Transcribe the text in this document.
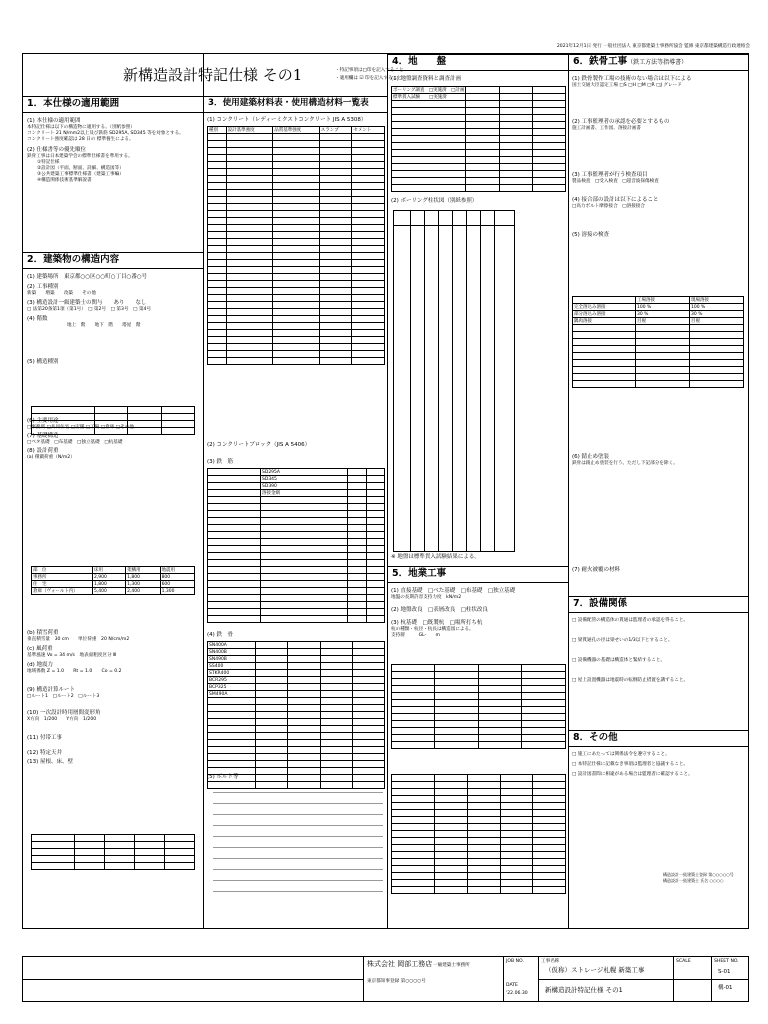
2021年12月1日 発行 一般社団法人 東京都建築士事務所協会 監修 東京都建築構造行政連絡会
新構造設計特記仕様 その1	・特記事項は□印を記入すること
・適用欄は ☑ 印を記入すること
1．本仕様の適用範囲
(1) 本仕様の適用範囲
本特記仕様は以下の構造物に適用する。（別紙参照）
コンクリート 21 N/mm2以上及び鉄筋 SD295A, SD345 等を対象とする。
コンクリート強度確認は 28 日の 標準養生による。
(2) 仕様書等の優先順位
鉄骨工事は日本建築学会の標準仕様書を準用する。
①特記仕様
②設計図（平面、断面、詳細、構造図等）
③公共建築工事標準仕様書（建築工事編）
④構造関係技術基準解説書
2．建築物の構造内容
(1) 建築場所　東京都○○区○○町○丁目○番○号
(2) 工事種別
新築　　増築　　改築　　その他
(3) 構造設計一級建築士の関与　　あり　　なし
□ 法第20条第1項（第1号）　□ 第2号　□ 第3号　□ 第4号
(4) 階数
地上　階　　地下　階　　塔屋　階
(5) 構造種別
(6) 主要用途
□事務所 □共同住宅 □店舗 □工場 □倉庫 □その他
(7) 基礎構造
□ベタ基礎　□布基礎　□独立基礎　□杭基礎
(8) 設計荷重
(a) 積載荷重（N/m2）

部　位	床用	架構用	地震用
事務所	2,900	1,800	800
住　宅	1,800	1,300	600
倉庫（ヴォールト内）	5,400	2,400	1,300
(b) 積雪荷重
垂直積雪量　30 cm　　単位荷重　20 N/cm/m2
(c) 風荷重
基準風速 Vo = 34 m/s　地表面粗度区分 Ⅲ
(d) 地震力
地域係数 Z = 1.0　　Rt = 1.0　　Co = 0.2
(9) 構造計算ルート
□ルート1　□ルート2　□ルート3
(10) 一次設計時用層間変形角
X方向　1/200　　Y方向　1/200
(11) 付帯工事
(12) 特定天井
(13) 屋根、床、壁

3．使用建築材料表・使用構造材料一覧表
(1) コンクリート（レディーミクストコンクリート JIS A 5308）
種別	設計基準強度	品質基準強度	スランプ	セメント

(2) コンクリートブロック（JIS A 5406）
(3) 鉄　筋
	SD295A		
	SD345		
	SD390		
	溶接金網		

(4) 鉄　骨
SN400A				
SN400B				
SN490B				
SS400				
STKR400				
BCR295				
BCP325				
SM490A				

(5) ボルト等
4．地　　盤
(1) 地盤調査資料と調査計画
ボーリング調査　□実施済　□計画			
標準貫入試験　　□実施済			

(2) ボーリング柱状図（別紙参照）
※ 地盤は標準貫入試験結果による。
5．地業工事
(1) 直接基礎　□べた基礎　□布基礎　□独立基礎
地盤の長期許容支持力度　kN/m2
(2) 地盤改良　□表層改良　□柱状改良
(3) 杭基礎　□既製杭　□場所打ち杭
杭の種類・杭径・杭長は構造図による。
支持層　　　GL-　　m

6．鉄骨工事（鉄工方法等指導書）
(1) 鉄骨製作工場の技術のない場合は以下による
国土交通大臣認定工場 □S □H □M □R □J グレード
(2) 工事監理者の承認を必要とするもの
施工計画書、工作図、溶接計画書
(3) 工事監理者が行う検査項目
製品検査　□受入検査　□超音波探傷検査
(4) 接合部の設計は以下によること
□高力ボルト摩擦接合　□溶接接合
(5) 溶接の検査
	工場溶接	現場溶接
完全溶込み溶接	100 %	100 %
部分溶込み溶接	30 %	30 %
隅肉溶接	目視	目視

(6) 錆止め塗装
鉄骨は錆止め塗装を行う。ただし下記部分を除く。
(7) 耐火被覆の材料
7．設備関係
□ 設備配管の構造体の貫通は監理者の承認を得ること。
□ 梁貫通孔の径は梁せいの1/3以下とすること。
□ 設備機器の基礎は構造体と緊結すること。
□ 屋上設置機器は地震時の転倒防止措置を講ずること。
8．その他
□ 施工にあたっては関係法令を遵守すること。
□ 本特記仕様に記載なき事項は監理者と協議すること。
□ 設計図書間に相違がある場合は監理者に確認すること。
構造設計一級建築士登録 第○○○○○号
構造設計一級建築士 氏名 ○○○○
株式会社 岡部工務店 一級建築士事務所
東京都知事登録 第○○○○号
JOB NO.
DATE
'22.06.30
工事名称
（仮称）ストレージ札幌 新築工事
新構造設計特記仕様 その1
SCALE	SHEET NO.
S-01
構-01
